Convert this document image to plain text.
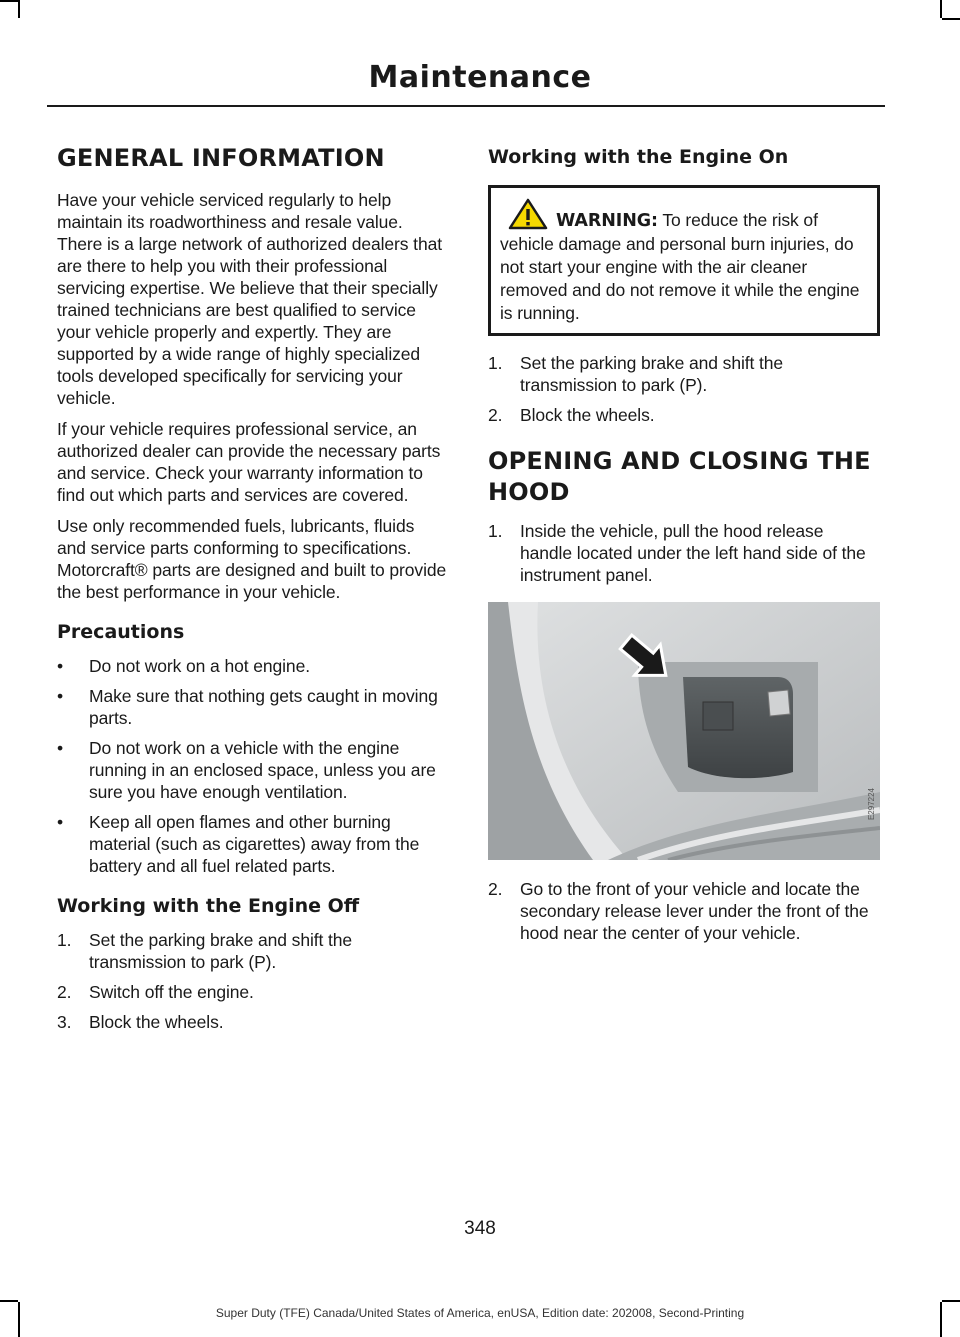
Maintenance
GENERAL INFORMATION

Have your vehicle serviced regularly to help maintain its roadworthiness and resale value. There is a large network of authorized dealers that are there to help you with their professional servicing expertise. We believe that their specially trained technicians are best qualified to service your vehicle properly and expertly. They are supported by a wide range of highly specialized tools developed specifically for servicing your vehicle.

If your vehicle requires professional service, an authorized dealer can provide the necessary parts and service. Check your warranty information to find out which parts and services are covered.

Use only recommended fuels, lubricants, fluids and service parts conforming to specifications. Motorcraft® parts are designed and built to provide the best performance in your vehicle.

Precautions
• Do not work on a hot engine.
• Make sure that nothing gets caught in moving parts.
• Do not work on a vehicle with the engine running in an enclosed space, unless you are sure you have enough ventilation.
• Keep all open flames and other burning material (such as cigarettes) away from the battery and all fuel related parts.
Working with the Engine Off
1. Set the parking brake and shift the transmission to park (P).
2. Switch off the engine.
3. Block the wheels.
Working with the Engine On
WARNING: To reduce the risk of vehicle damage and personal burn injuries, do not start your engine with the air cleaner removed and do not remove it while the engine is running.
1. Set the parking brake and shift the transmission to park (P).
2. Block the wheels.
OPENING AND CLOSING THE
HOOD
1. Inside the vehicle, pull the hood release handle located under the left hand side of the instrument panel.
E297224
2. Go to the front of your vehicle and locate the secondary release lever under the front of the hood near the center of your vehicle.
348
Super Duty (TFE) Canada/United States of America, enUSA, Edition date: 202008, Second-Printing
